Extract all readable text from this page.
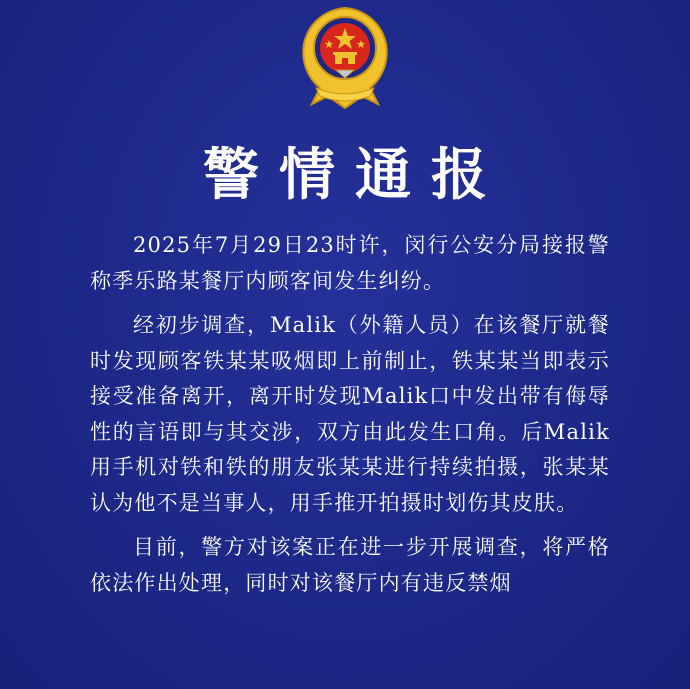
警情通报

2025年7月29日23时许，闵行公安分局接报警称季乐路某餐厅内顾客间发生纠纷。

经初步调查，Malik（外籍人员）在该餐厅就餐时发现顾客铁某某吸烟即上前制止，铁某某当即表示接受准备离开，离开时发现Malik口中发出带有侮辱性的言语即与其交涉，双方由此发生口角。后Malik用手机对铁和铁的朋友张某某进行持续拍摄，张某某认为他不是当事人，用手推开拍摄时划伤其皮肤。

目前，警方对该案正在进一步开展调查，将严格依法作出处理，同时对该餐厅内有违反禁烟
